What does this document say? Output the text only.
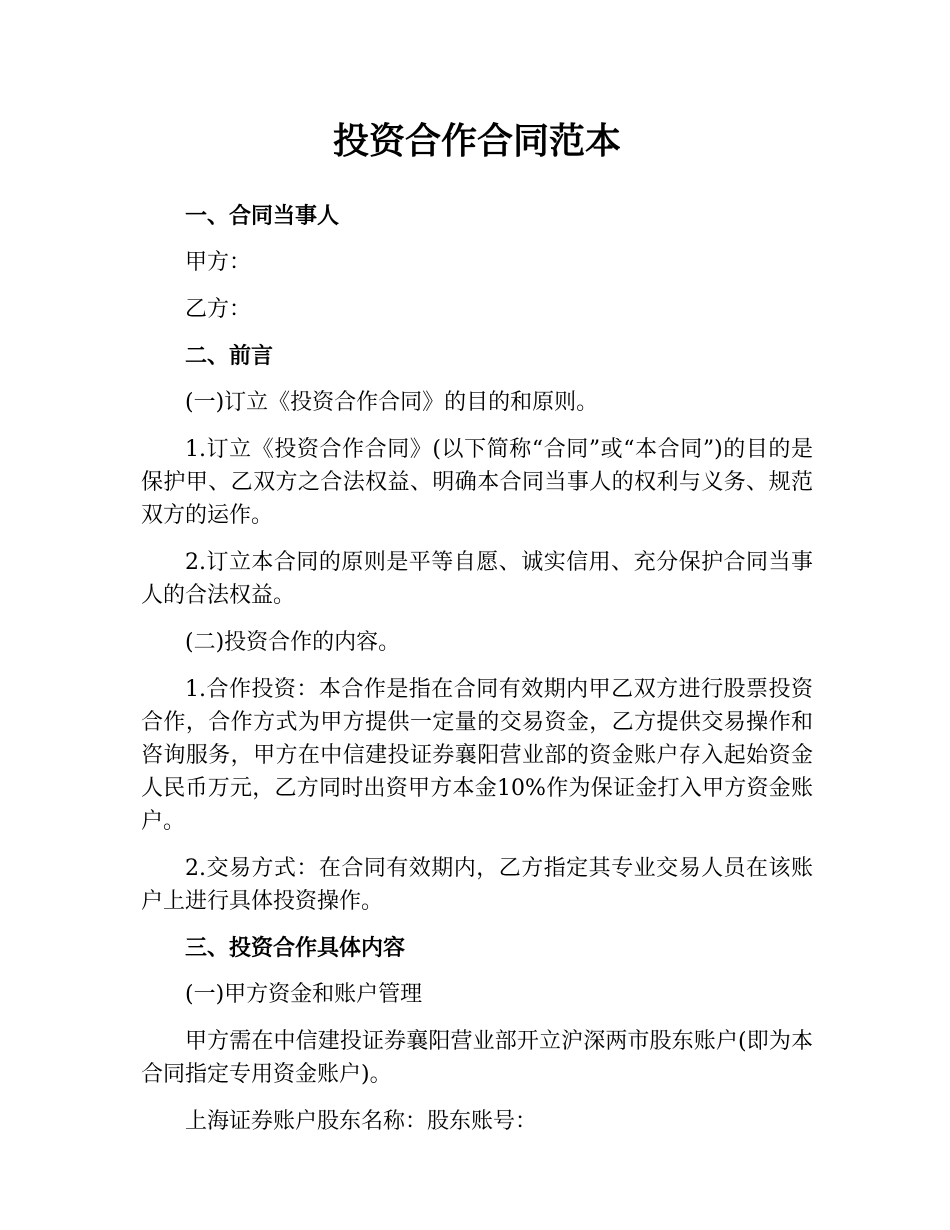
投资合作合同范本
一、合同当事人
甲方：
乙方：
二、前言
(一)订立《投资合作合同》的目的和原则。
1.订立《投资合作合同》(以下简称“合同”或“本合同”)的目的是保护甲、乙双方之合法权益、明确本合同当事人的权利与义务、规范双方的运作。
2.订立本合同的原则是平等自愿、诚实信用、充分保护合同当事人的合法权益。
(二)投资合作的内容。
1.合作投资：本合作是指在合同有效期内甲乙双方进行股票投资合作，合作方式为甲方提供一定量的交易资金，乙方提供交易操作和咨询服务，甲方在中信建投证券襄阳营业部的资金账户存入起始资金人民币万元，乙方同时出资甲方本金10%作为保证金打入甲方资金账户。
2.交易方式：在合同有效期内，乙方指定其专业交易人员在该账户上进行具体投资操作。
三、投资合作具体内容
(一)甲方资金和账户管理
甲方需在中信建投证券襄阳营业部开立沪深两市股东账户(即为本合同指定专用资金账户)。
上海证券账户股东名称：股东账号：
